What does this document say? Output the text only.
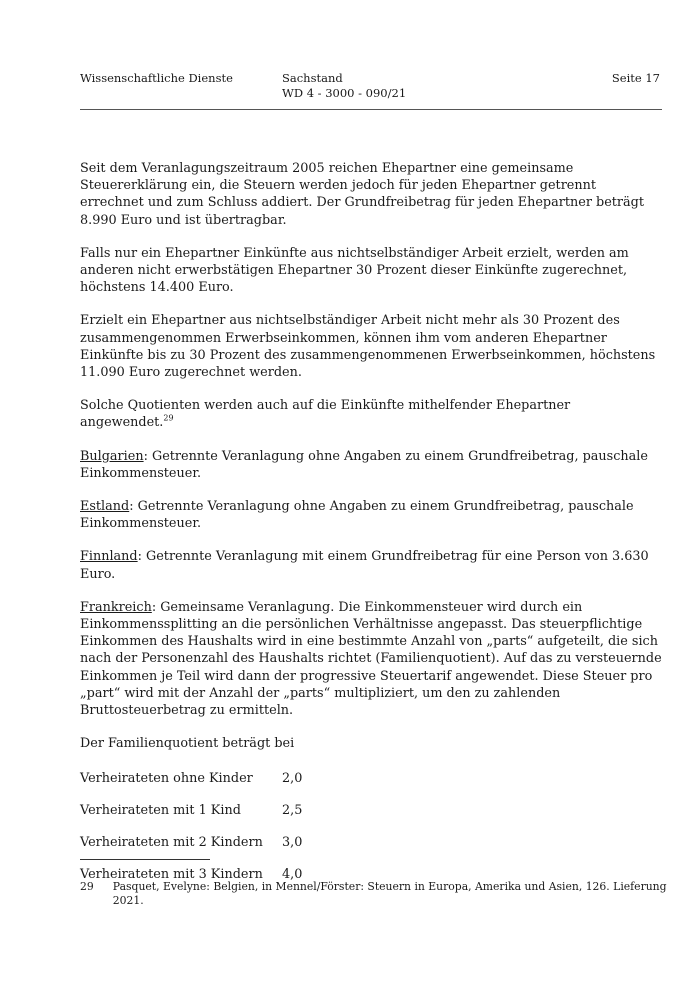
Wissenschaftliche Dienste	Sachstand
WD 4 - 3000 - 090/21
Seite 17

Seit dem Veranlagungszeitraum 2005 reichen Ehepartner eine gemeinsame Steuererklärung ein, die Steuern werden jedoch für jeden Ehepartner getrennt errechnet und zum Schluss addiert. Der Grundfreibetrag für jeden Ehepartner beträgt 8.990 Euro und ist übertragbar.

Falls nur ein Ehepartner Einkünfte aus nichtselbständiger Arbeit erzielt, werden am anderen nicht erwerbstätigen Ehepartner 30 Prozent dieser Einkünfte zugerechnet, höchstens 14.400 Euro.

Erzielt ein Ehepartner aus nichtselbständiger Arbeit nicht mehr als 30 Prozent des zusammengenommen Erwerbseinkommen, können ihm vom anderen Ehepartner Einkünfte bis zu 30 Prozent des zusammengenommenen Erwerbseinkommen, höchstens 11.090 Euro zugerechnet werden.

Solche Quotienten werden auch auf die Einkünfte mithelfender Ehepartner angewendet.$^{29}$

Bulgarien: Getrennte Veranlagung ohne Angaben zu einem Grundfreibetrag, pauschale Einkommensteuer.

Estland: Getrennte Veranlagung ohne Angaben zu einem Grundfreibetrag, pauschale Einkommensteuer.

Finnland: Getrennte Veranlagung mit einem Grundfreibetrag für eine Person von 3.630 Euro.

Frankreich: Gemeinsame Veranlagung. Die Einkommensteuer wird durch ein Einkommenssplitting an die persönlichen Verhältnisse angepasst. Das steuerpflichtige Einkommen des Haushalts wird in eine bestimmte Anzahl von „parts“ aufgeteilt, die sich nach der Personenzahl des Haushalts richtet (Familienquotient). Auf das zu versteuernde Einkommen je Teil wird dann der progressive Steuertarif angewendet. Diese Steuer pro „part“ wird mit der Anzahl der „parts“ multipliziert, um den zu zahlenden Bruttosteuerbetrag zu ermitteln.

Der Familienquotient beträgt bei

Verheirateten ohne Kinder	2,0
Verheirateten mit 1 Kind	2,5
Verheirateten mit 2 Kindern	3,0
Verheirateten mit 3 Kindern	4,0
29	Pasquet, Evelyne: Belgien, in Mennel/Förster: Steuern in Europa, Amerika und Asien, 126. Lieferung 2021.
